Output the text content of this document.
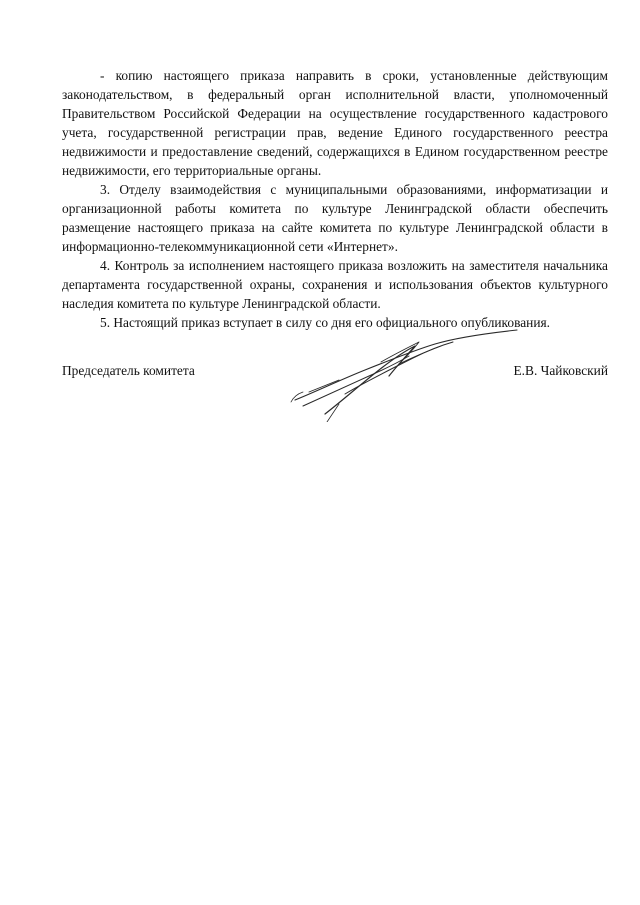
- копию настоящего приказа направить в сроки, установленные действующим законодательством, в федеральный орган исполнительной власти, уполномоченный Правительством Российской Федерации на осуществление государственного кадастрового учета, государственной регистрации прав, ведение Единого государственного реестра недвижимости и предоставление сведений, содержащихся в Едином государственном реестре недвижимости, его территориальные органы.

3. Отделу взаимодействия с муниципальными образованиями, информатизации и организационной работы комитета по культуре Ленинградской области обеспечить размещение настоящего приказа на сайте комитета по культуре Ленинградской области в информационно-телекоммуникационной сети «Интернет».

4. Контроль за исполнением настоящего приказа возложить на заместителя начальника департамента государственной охраны, сохранения и использования объектов культурного наследия комитета по культуре Ленинградской области.

5. Настоящий приказ вступает в силу со дня его официального опубликования.

Председатель комитета	Е.В. Чайковский
